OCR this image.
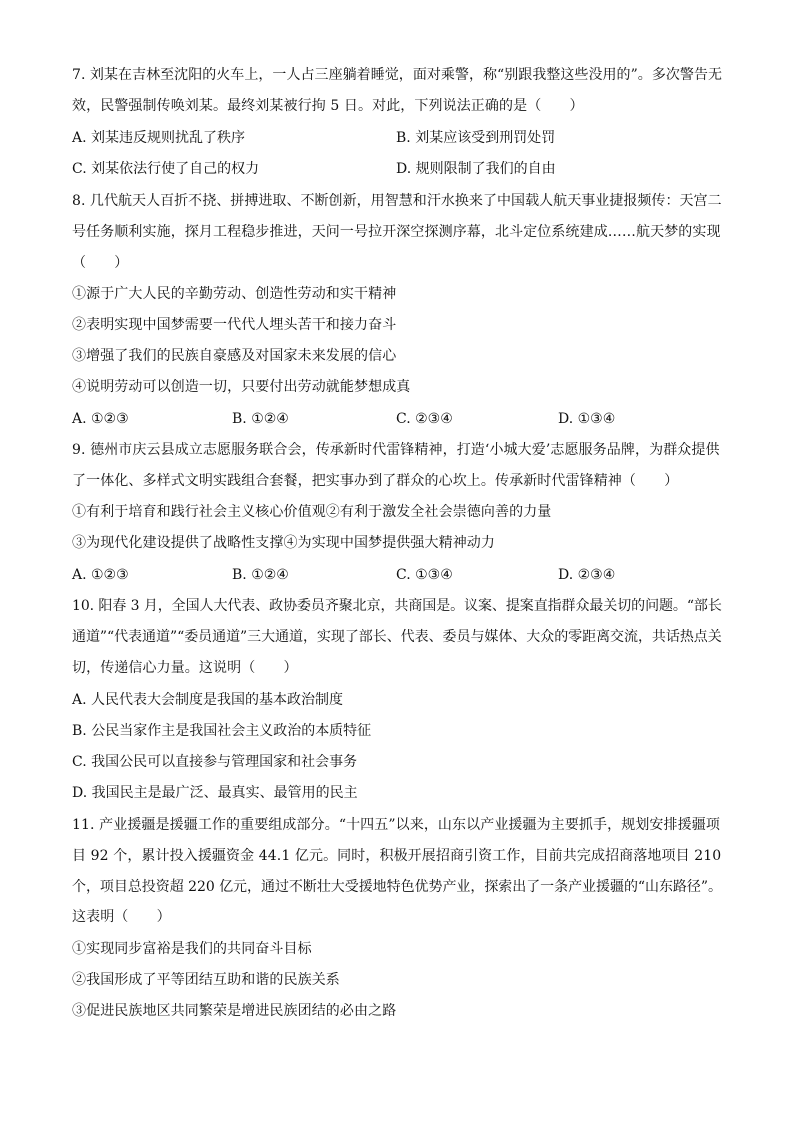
7. 刘某在吉林至沈阳的火车上，一人占三座躺着睡觉，面对乘警，称“别跟我整这些没用的”。多次警告无
效，民警强制传唤刘某。最终刘某被行拘 5 日。对此，下列说法正确的是（　　）
A. 刘某违反规则扰乱了秩序	B. 刘某应该受到刑罚处罚
C. 刘某依法行使了自己的权力	D. 规则限制了我们的自由
8. 几代航天人百折不挠、拼搏进取、不断创新，用智慧和汗水换来了中国载人航天事业捷报频传：天宫二
号任务顺利实施，探月工程稳步推进，天问一号拉开深空探测序幕，北斗定位系统建成……航天梦的实现
（　　）
①源于广大人民的辛勤劳动、创造性劳动和实干精神
②表明实现中国梦需要一代代人埋头苦干和接力奋斗
③增强了我们的民族自豪感及对国家未来发展的信心
④说明劳动可以创造一切，只要付出劳动就能梦想成真
A. ①②③	B. ①②④	C. ②③④	D. ①③④
9. 德州市庆云县成立志愿服务联合会，传承新时代雷锋精神，打造‘小城大爱’志愿服务品牌，为群众提供
了一体化、多样式文明实践组合套餐，把实事办到了群众的心坎上。传承新时代雷锋精神（　　）
①有利于培育和践行社会主义核心价值观②有利于激发全社会崇德向善的力量
③为现代化建设提供了战略性支撑④为实现中国梦提供强大精神动力
A. ①②③	B. ①②④	C. ①③④	D. ②③④
10. 阳春 3 月，全国人大代表、政协委员齐聚北京，共商国是。议案、提案直指群众最关切的问题。“部长
通道”“代表通道”“委员通道”三大通道，实现了部长、代表、委员与媒体、大众的零距离交流，共话热点关
切，传递信心力量。这说明（　　）
A. 人民代表大会制度是我国的基本政治制度
B. 公民当家作主是我国社会主义政治的本质特征
C. 我国公民可以直接参与管理国家和社会事务
D. 我国民主是最广泛、最真实、最管用的民主
11. 产业援疆是援疆工作的重要组成部分。“十四五”以来，山东以产业援疆为主要抓手，规划安排援疆项
目 92 个，累计投入援疆资金 44.1 亿元。同时，积极开展招商引资工作，目前共完成招商落地项目 210
个，项目总投资超 220 亿元，通过不断壮大受援地特色优势产业，探索出了一条产业援疆的“山东路径”。
这表明（　　）
①实现同步富裕是我们的共同奋斗目标
②我国形成了平等团结互助和谐的民族关系
③促进民族地区共同繁荣是增进民族团结的必由之路
